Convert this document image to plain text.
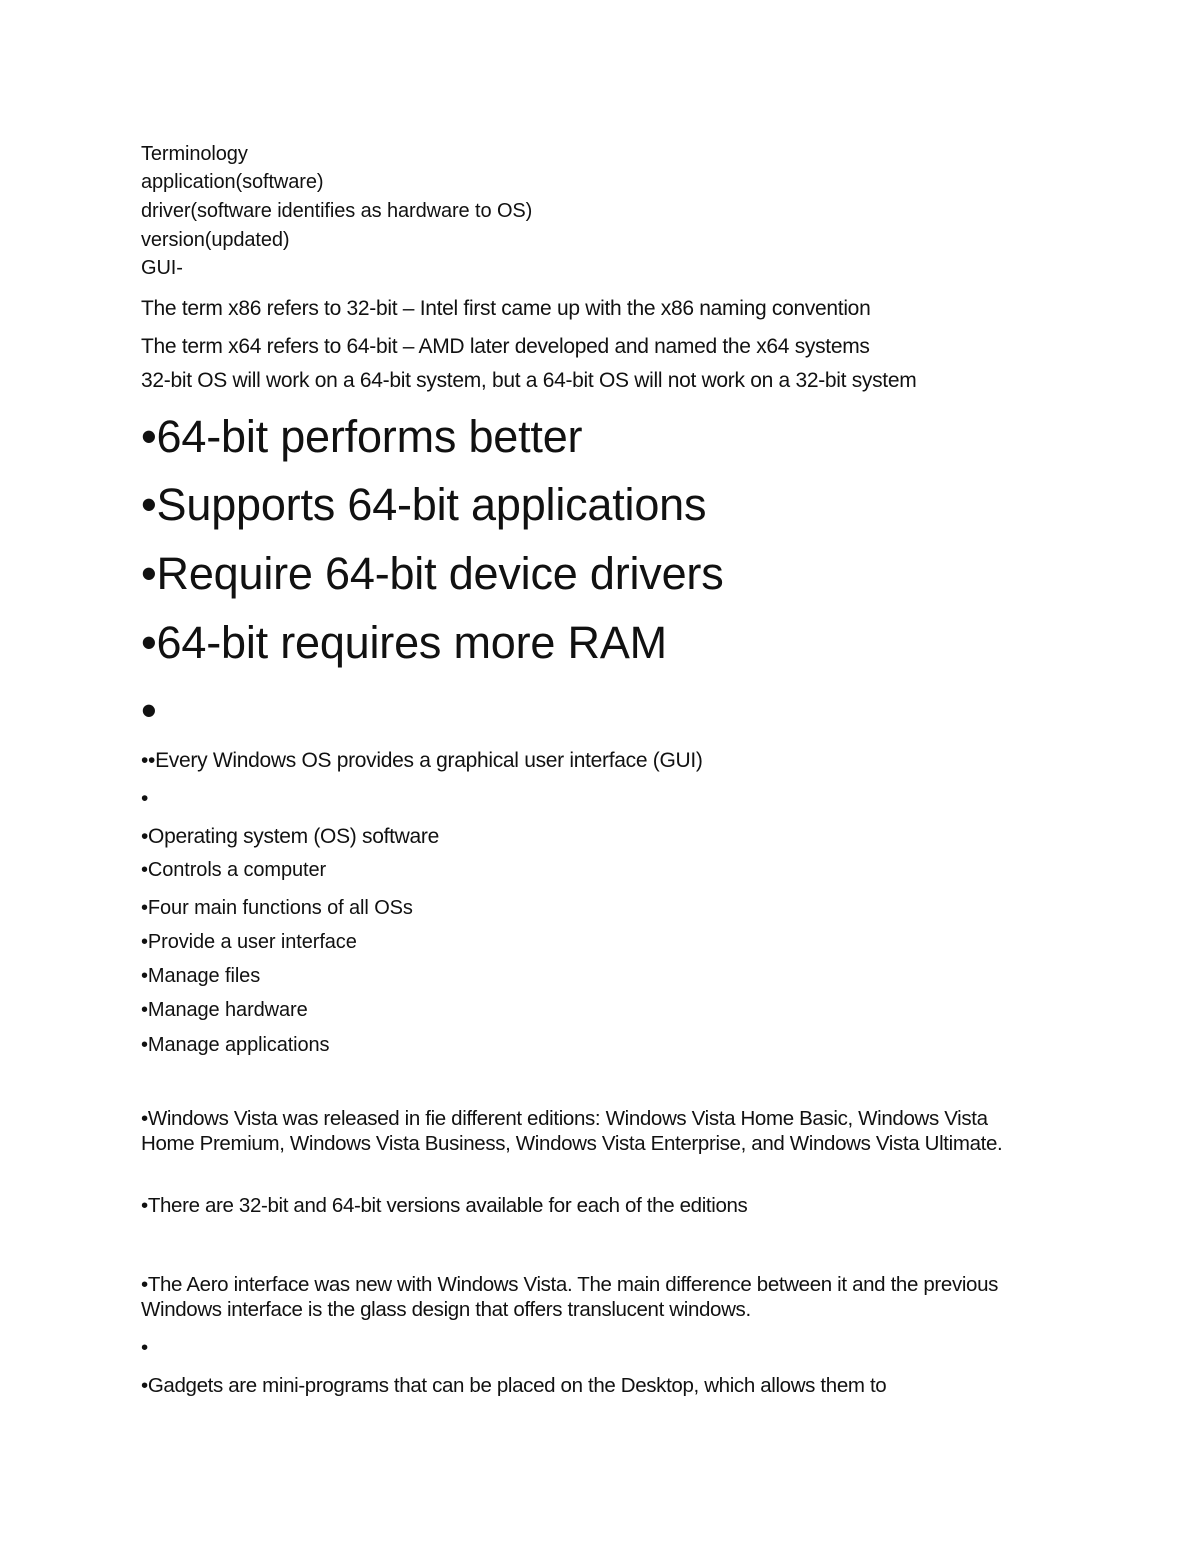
Terminology
application(software)
driver(software identifies as hardware to OS)
version(updated)
GUI-
The term x86 refers to 32-bit – Intel first came up with the x86 naming convention
The term x64 refers to 64-bit – AMD later developed and named the x64 systems
32-bit OS will work on a 64-bit system, but a 64-bit OS will not work on a 32-bit system
•64-bit performs better
•Supports 64-bit applications
•Require 64-bit device drivers
•64-bit requires more RAM
•
••Every Windows OS provides a graphical user interface (GUI)
•
•Operating system (OS) software
•Controls a computer
•Four main functions of all OSs
•Provide a user interface
•Manage files
•Manage hardware
•Manage applications
•Windows Vista was released in fie different editions: Windows Vista Home Basic, Windows Vista Home Premium, Windows Vista Business, Windows Vista Enterprise, and Windows Vista Ultimate.
•There are 32-bit and 64-bit versions available for each of the editions
•The Aero interface was new with Windows Vista. The main difference between it and the previous Windows interface is the glass design that offers translucent windows.
•
•Gadgets are mini-programs that can be placed on the Desktop, which allows them to
